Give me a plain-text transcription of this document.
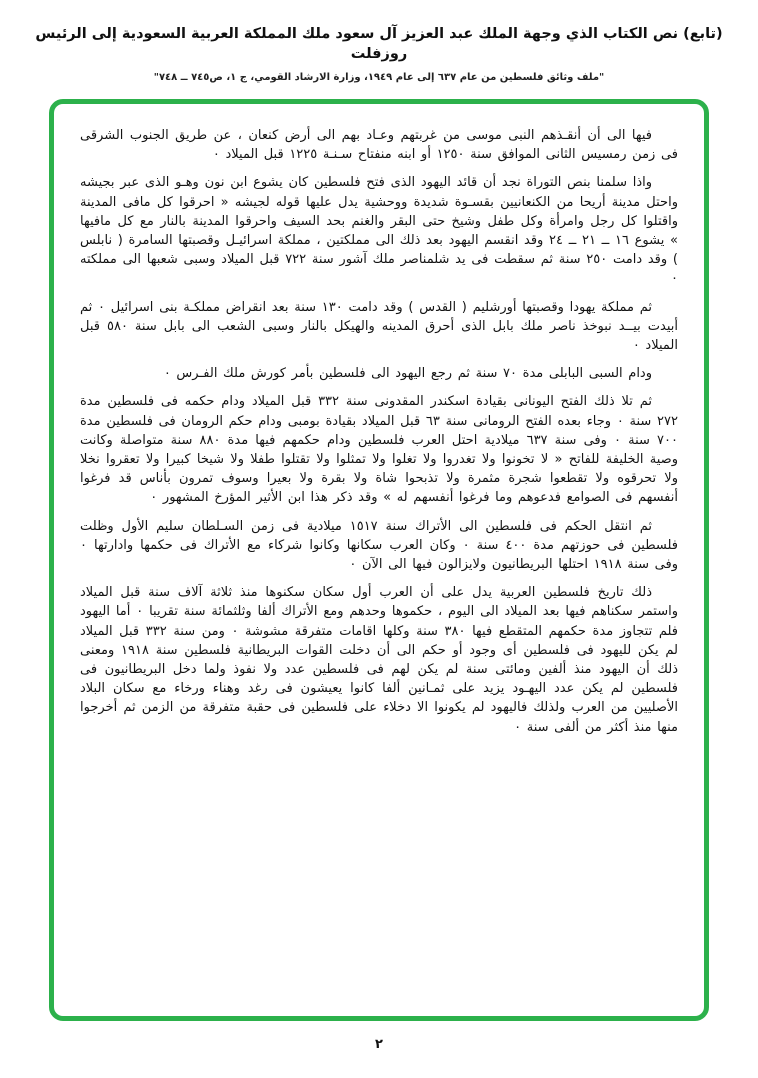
(تابع) نص الكتاب الذي وجهة الملك عبد العزيز آل سعود ملك المملكة العربية السعودية إلى الرئيس روزفلت
"ملف وثائق فلسطين من عام ٦٣٧ إلى عام ١٩٤٩، وزارة الارشاد القومي، ج ١، ص٧٤٥ ــ ٧٤٨"

فيها الى أن أنقـذهم النبى موسى من غربتهم وعـاد بهم الى أرض كنعان ، عن طريق الجنوب الشرقى فى زمن رمسيس الثانى الموافق سنة ١٢٥٠ أو ابنه منفتاح سـنـة ١٢٢٥ قبل الميلاد ٠

واذا سلمنا بنص التوراة نجد أن قائد اليهود الذى فتح فلسطين كان يشوع ابن نون وهـو الذى عبر بجيشه واحتل مدينة أريحا من الكنعانيين بقسـوة شديدة ووحشية يدل عليها قوله لجيشه « احرقوا كل مافى المدينة واقتلوا كل رجل وامرأة وكل طفل وشيخ حتى البقر والغنم بحد السيف واحرقوا المدينة بالنار مع كل مافيها » يشوع ١٦ ــ ٢١ ــ ٢٤ وقد انقسم اليهود بعد ذلك الى مملكتين ، مملكة اسرائيـل وقصبتها السامرة ( نابلس ) وقد دامت ٢٥٠ سنة ثم سقطت فى يد شلمناصر ملك آشور سنة ٧٢٢ قبل الميلاد وسبى شعبها الى مملكته ٠

ثم مملكة يهودا وقصبتها أورشليم ( القدس ) وقد دامت ١٣٠ سنة بعد انقراض مملكـة بنى اسرائيل ٠ ثم أبيدت بيــد نبوخذ ناصر ملك بابل الذى أحرق المدينه والهيكل بالنار وسبى الشعب الى بابل سنة ٥٨٠ قبل الميلاد ٠

ودام السبى البابلى مدة ٧٠ سنة ثم رجع اليهود الى فلسطين بأمر كورش ملك الفـرس ٠

ثم تلا ذلك الفتح اليونانى بقيادة اسكندر المقدونى سنة ٣٣٢ قبل الميلاد ودام حكمه فى فلسطين مدة ٢٧٢ سنة ٠ وجاء بعده الفتح الرومانى سنة ٦٣ قبل الميلاد بقيادة بومبى ودام حكم الرومان فى فلسطين مدة ٧٠٠ سنة ٠ وفى سنة ٦٣٧ ميلادية احتل العرب فلسطين ودام حكمهم فيها مدة ٨٨٠ سنة متواصلة وكانت وصية الخليفة للفاتح « لا تخونوا ولا تغدروا ولا تغلوا ولا تمثلوا ولا تقتلوا طفلا ولا شيخا كبيرا ولا تعقروا نخلا ولا تحرقوه ولا تقطعوا شجرة مثمرة ولا تذبحوا شاة ولا بقرة ولا بعيرا وسوف تمرون بأناس قد فرغوا أنفسهم فى الصوامع فدعوهم وما فرغوا أنفسهم له » وقد ذكر هذا ابن الأثير المؤرخ المشهور ٠

ثم انتقل الحكم فى فلسطين الى الأتراك سنة ١٥١٧ ميلادية فى زمن السـلطان سليم الأول وظلت فلسطين فى حوزتهم مدة ٤٠٠ سنة ٠ وكان العرب سكانها وكانوا شركاء مع الأتراك فى حكمها وادارتها ٠ وفى سنة ١٩١٨ احتلها البريطانيون ولايزالون فيها الى الآن ٠

ذلك تاريخ فلسطين العربية يدل على أن العرب أول سكان سكنوها منذ ثلاثة آلاف سنة قبل الميلاد واستمر سكناهم فيها بعد الميلاد الى اليوم ، حكموها وحدهم ومع الأتراك ألفا وثلثمائة سنة تقريبا ٠ أما اليهود فلم تتجاوز مدة حكمهم المتقطع فيها ٣٨٠ سنة وكلها اقامات متفرقة مشوشة ٠ ومن سنة ٣٣٢ قبل الميلاد لم يكن لليهود فى فلسطين أى وجود أو حكم الى أن دخلت القوات البريطانية فلسطين سنة ١٩١٨ ومعنى ذلك أن اليهود منذ ألفين ومائتى سنة لم يكن لهم فى فلسطين عدد ولا نفوذ ولما دخل البريطانيون فى فلسطين لم يكن عدد اليهـود يزيد على ثمـانين ألفا كانوا يعيشون فى رغد وهناء ورخاء مع سكان البلاد الأصليين من العرب ولذلك فاليهود لم يكونوا الا دخلاء على فلسطين فى حقبة متفرقة من الزمن ثم أخرجوا منها منذ أكثر من ألفى سنة ٠

٢
